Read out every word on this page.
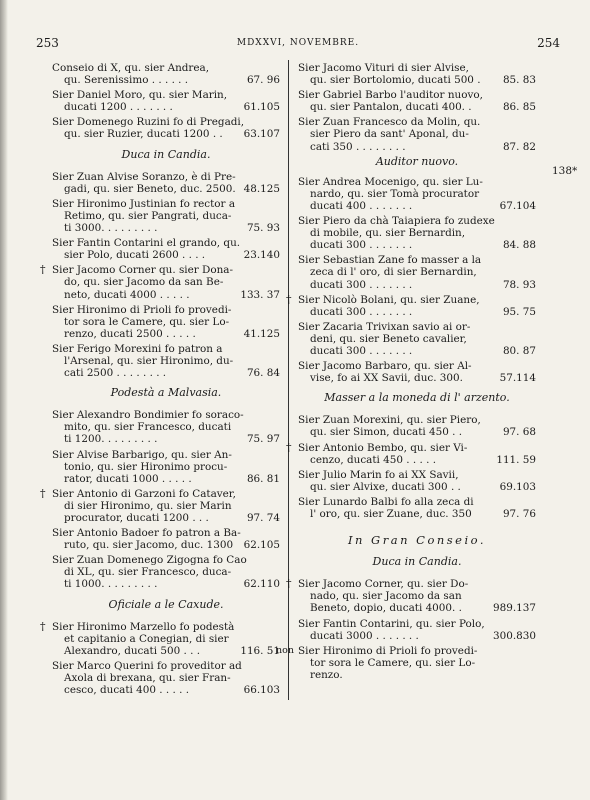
253	MDXXVI, NOVEMBRE.	254
138*
Conseio di X, qu. sier Andrea,
qu. Serenissimo . . . . . .	67. 96
Sier Daniel Moro, qu. sier Marin,
ducati 1200 . . . . . . .	61.105
Sier Domenego Ruzini fo di Pregadi,
qu. sier Ruzier, ducati 1200 . .	63.107
Duca in Candia.
Sier Zuan Alvise Soranzo, è di Pre-
gadi, qu. sier Beneto, duc. 2500. 48.125
Sier Hironimo Justinian fo rector a
Retimo, qu. sier Pangrati, duca-
ti 3000. . . . . . . . .	75. 93
Sier Fantin Contarini el grando, qu.
sier Polo, ducati 2600 . . . .	23.140
† Sier Jacomo Corner qu. sier Dona-
do, qu. sier Jacomo da san Be-
neto, ducati 4000 . . . . .	133. 37
Sier Hironimo di Prioli fo provedi-
tor sora le Camere, qu. sier Lo-
renzo, ducati 2500 . . . . .	41.125
Sier Ferigo Morexini fo patron a
l'Arsenal, qu. sier Hironimo, du-
cati 2500 . . . . . . . .	76. 84
Podestà a Malvasia.
Sier Alexandro Bondimier fo soraco-
mito, qu. sier Francesco, ducati
ti 1200. . . . . . . . .	75. 97
Sier Alvise Barbarigo, qu. sier An-
tonio, qu. sier Hironimo procu-
rator, ducati 1000 . . . . .	86. 81
† Sier Antonio di Garzoni fo Cataver,
di sier Hironimo, qu. sier Marin
procurator, ducati 1200 . . .	97. 74
Sier Antonio Badoer fo patron a Ba-
ruto, qu. sier Jacomo, duc. 1300 62.105
Sier Zuan Domenego Zigogna fo Cao
di XL, qu. sier Francesco, duca-
ti 1000. . . . . . . . .	62.110
Oficiale a le Caxude.
† Sier Hironimo Marzello fo podestà
et capitanio a Conegian, di sier
Alexandro, ducati 500 . . .	116. 51
Sier Marco Querini fo proveditor ad
Axola di brexana, qu. sier Fran-
cesco, ducati 400 . . . . .	66.103
Sier Jacomo Vituri di sier Alvise,
qu. sier Bortolomio, ducati 500 .	85. 83
Sier Gabriel Barbo l'auditor nuovo,
qu. sier Pantalon, ducati 400. .	86. 85
Sier Zuan Francesco da Molin, qu.
sier Piero da sant' Aponal, du-
cati 350 . . . . . . . .	87. 82
Auditor nuovo.
Sier Andrea Mocenigo, qu. sier Lu-
nardo, qu. sier Tomà procurator
ducati 400 . . . . . . .	67.104
Sier Piero da chà Taiapiera fo zudexe
di mobile, qu. sier Bernardin,
ducati 300 . . . . . . .	84. 88
Sier Sebastian Zane fo masser a la
zeca di l' oro, di sier Bernardin,
ducati 300 . . . . . . .	78. 93
† Sier Nicolò Bolani, qu. sier Zuane,
ducati 300 . . . . . . .	95. 75
Sier Zacaria Trivixan savio ai or-
deni, qu. sier Beneto cavalier,
ducati 300 . . . . . . .	80. 87
Sier Jacomo Barbaro, qu. sier Al-
vise, fo ai XX Savii, duc. 300.	57.114
Masser a la moneda di l' arzento.
Sier Zuan Morexini, qu. sier Piero,
qu. sier Simon, ducati 450 . .	97. 68
† Sier Antonio Bembo, qu. sier Vi-
cenzo, ducati 450 . . . . .	111. 59
Sier Julio Marin fo ai XX Savii,
qu. sier Alvixe, ducati 300 . .	69.103
Sier Lunardo Balbi fo alla zeca di
l' oro, qu. sier Zuane, duc. 350	97. 76
In Gran Conseio.
Duca in Candia.
† Sier Jacomo Corner, qu. sier Do-
nado, qu. sier Jacomo da san
Beneto, dopio, ducati 4000. .	989.137
Sier Fantin Contarini, qu. sier Polo,
ducati 3000 . . . . . . .	300.830
non Sier Hironimo di Prioli fo provedi-
tor sora le Camere, qu. sier Lo-
renzo.
